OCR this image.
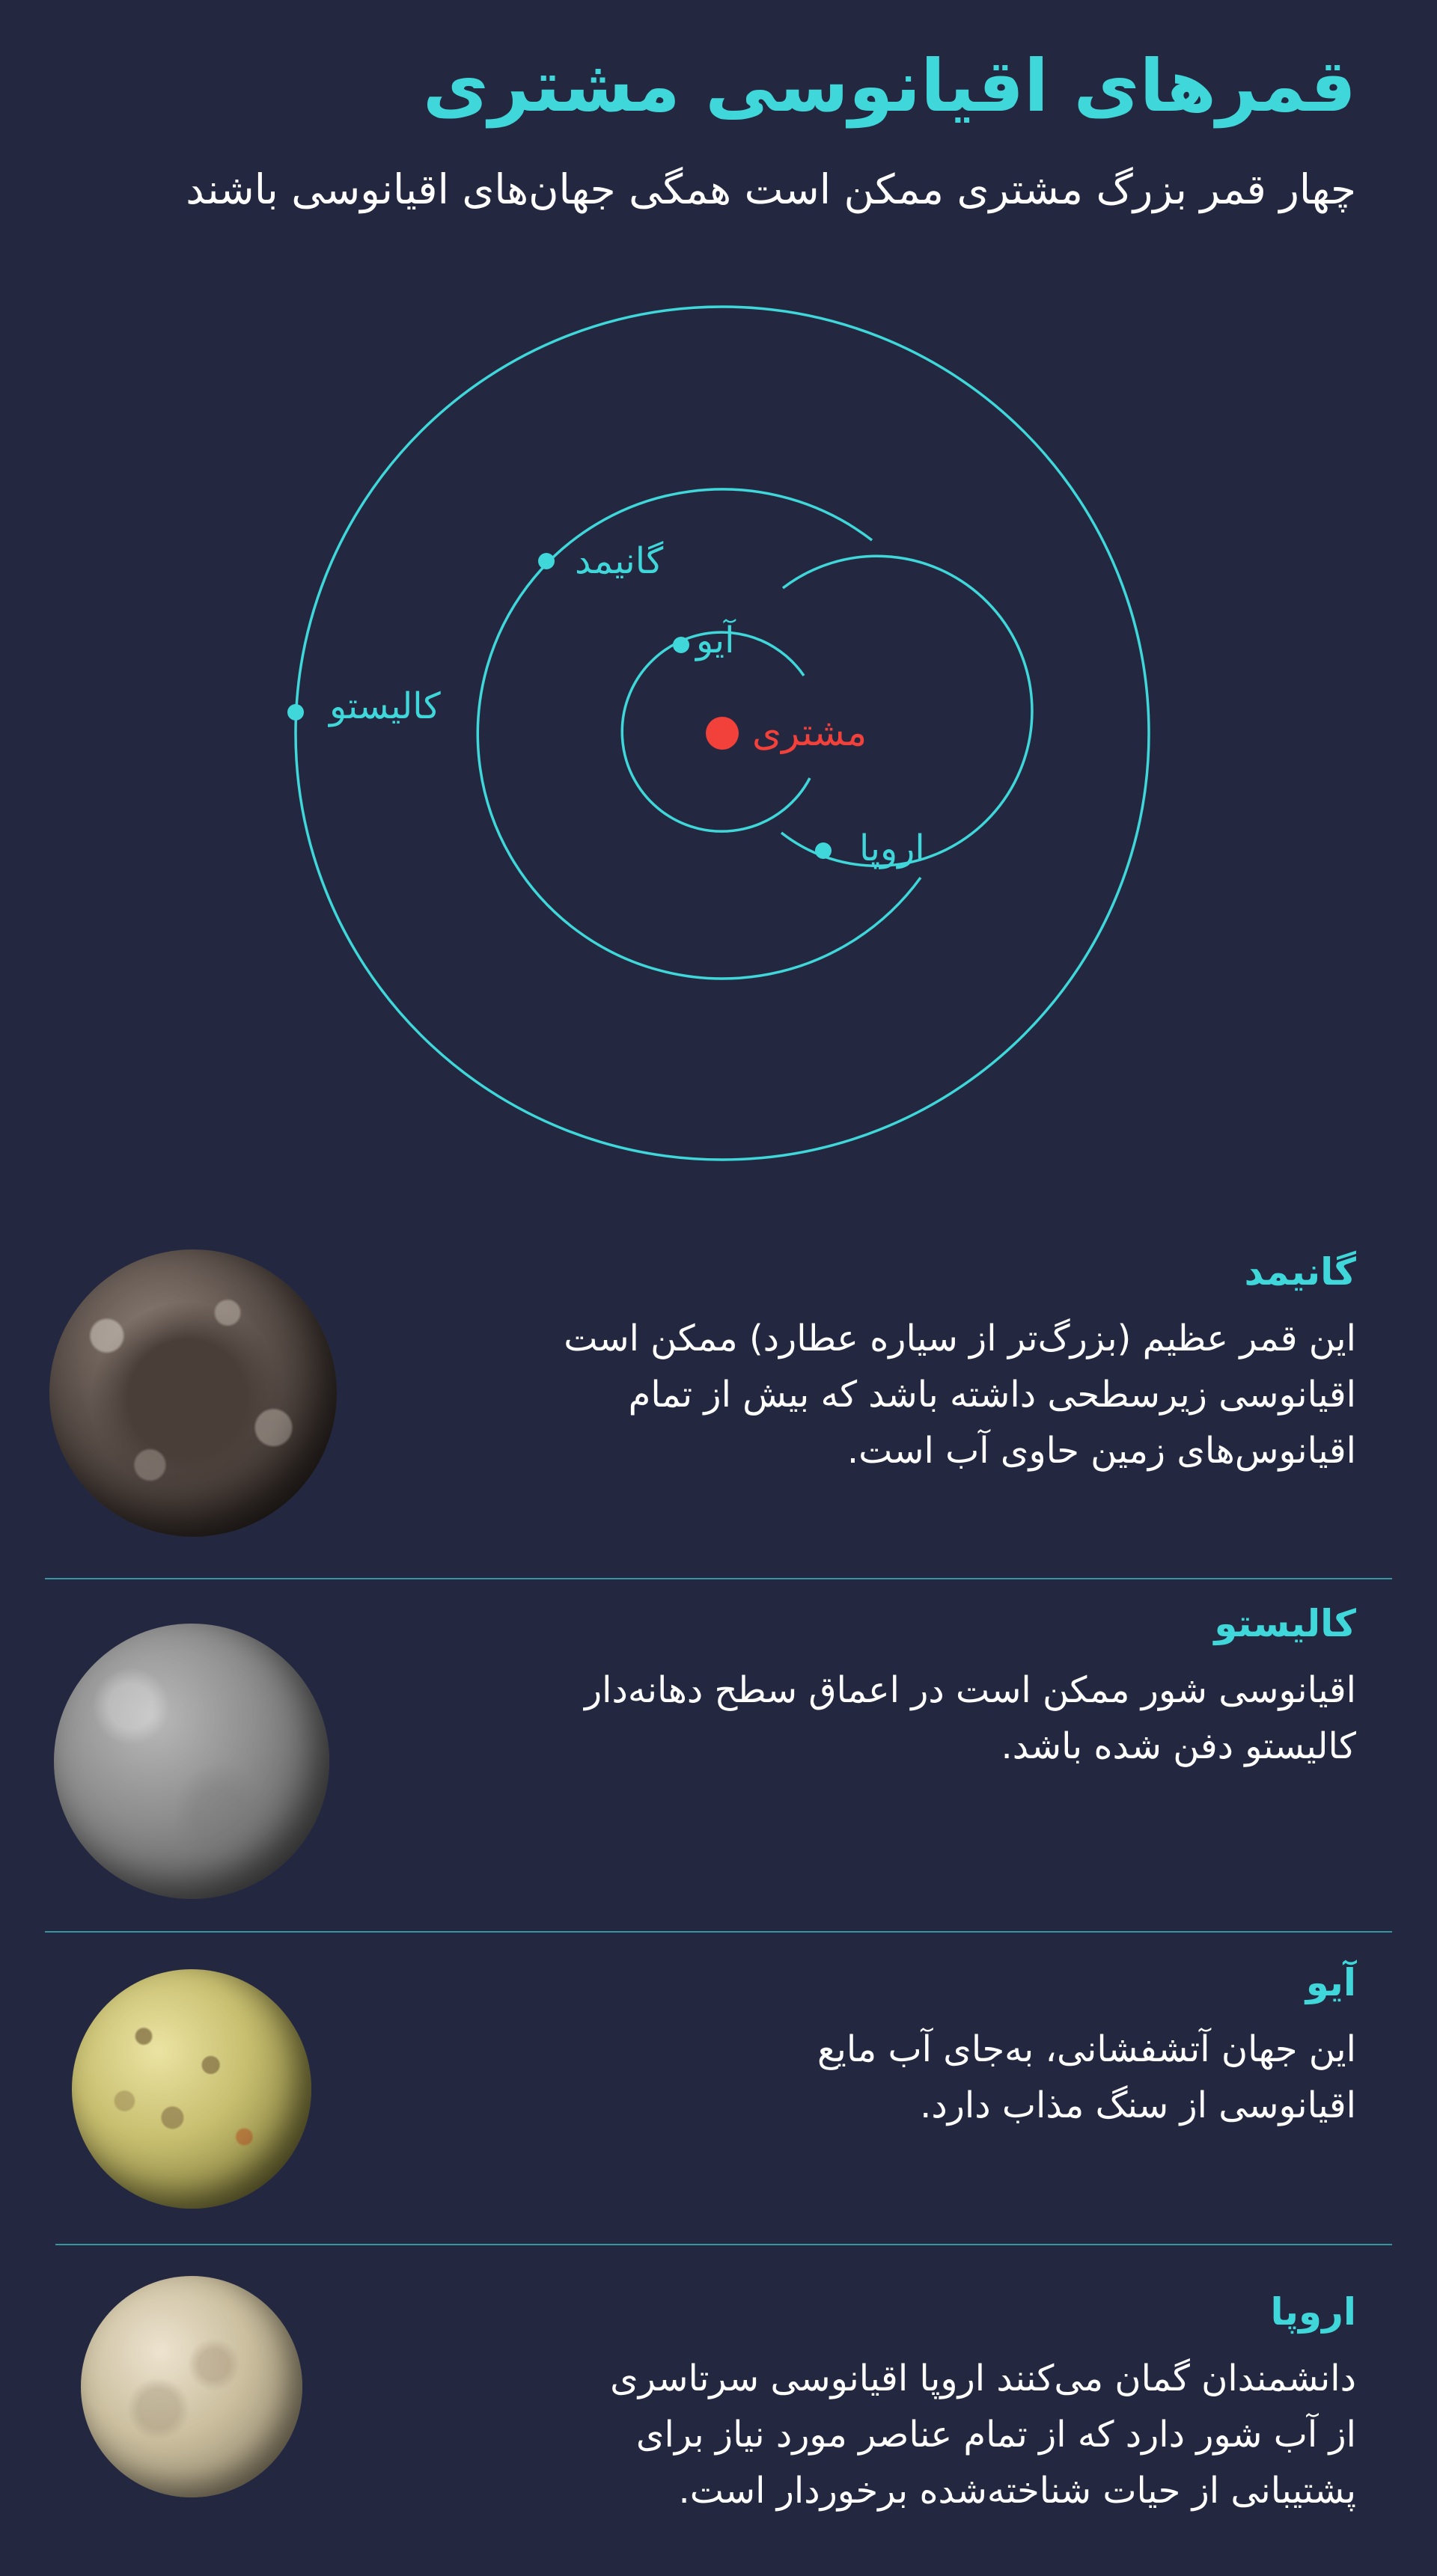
قمرهای اقیانوسی مشتری

چهار قمر بزرگ مشتری ممکن است همگی جهان‌های اقیانوسی باشند

مشتری
آیو
اروپا
گانیمد
کالیستو
گانیمد
این قمر عظیم (بزرگ‌تر از سیاره عطارد) ممکن است
اقیانوسی زیرسطحی داشته باشد که بیش از تمام
اقیانوس‌های زمین حاوی آب است.
کالیستو
اقیانوسی شور ممکن است در اعماق سطح دهانه‌دار
کالیستو دفن شده باشد.
آیو
این جهان آتشفشانی، به‌جای آب مایع
اقیانوسی از سنگ مذاب دارد.
اروپا
دانشمندان گمان می‌کنند اروپا اقیانوسی سرتاسری
از آب شور دارد که از تمام عناصر مورد نیاز برای
پشتیبانی از حیات شناخته‌شده برخوردار است.
